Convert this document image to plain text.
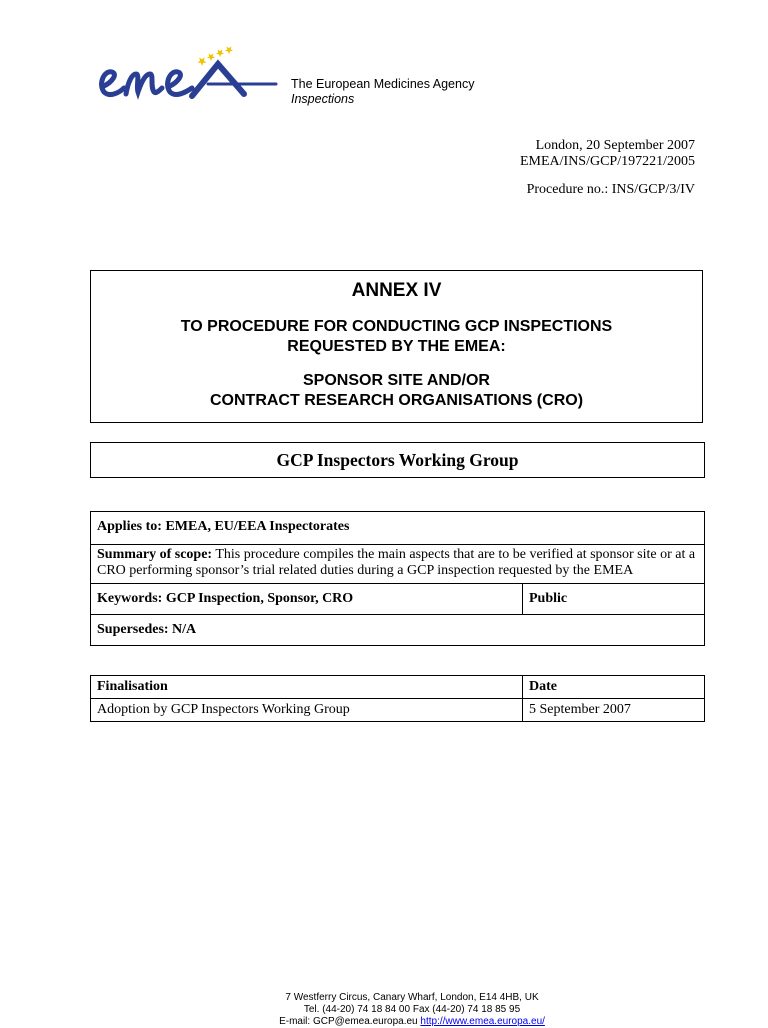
The European Medicines Agency
Inspections
London, 20 September 2007
EMEA/INS/GCP/197221/2005
Procedure no.: INS/GCP/3/IV
ANNEX IV
TO PROCEDURE FOR CONDUCTING GCP INSPECTIONS
REQUESTED BY THE EMEA:
SPONSOR SITE AND/OR
CONTRACT RESEARCH ORGANISATIONS (CRO)
GCP Inspectors Working Group
Applies to: EMEA, EU/EEA Inspectorates
Summary of scope: This procedure compiles the main aspects that are to be verified at sponsor site or at a CRO performing sponsor’s trial related duties during a GCP inspection requested by the EMEA
Keywords: GCP Inspection, Sponsor, CRO	Public
Supersedes: N/A
Finalisation	Date
Adoption by GCP Inspectors Working Group	5 September 2007
7 Westferry Circus, Canary Wharf, London, E14 4HB, UK
Tel. (44-20) 74 18 84 00 Fax (44-20) 74 18 85 95
E-mail: GCP@emea.europa.eu http://www.emea.europa.eu/
